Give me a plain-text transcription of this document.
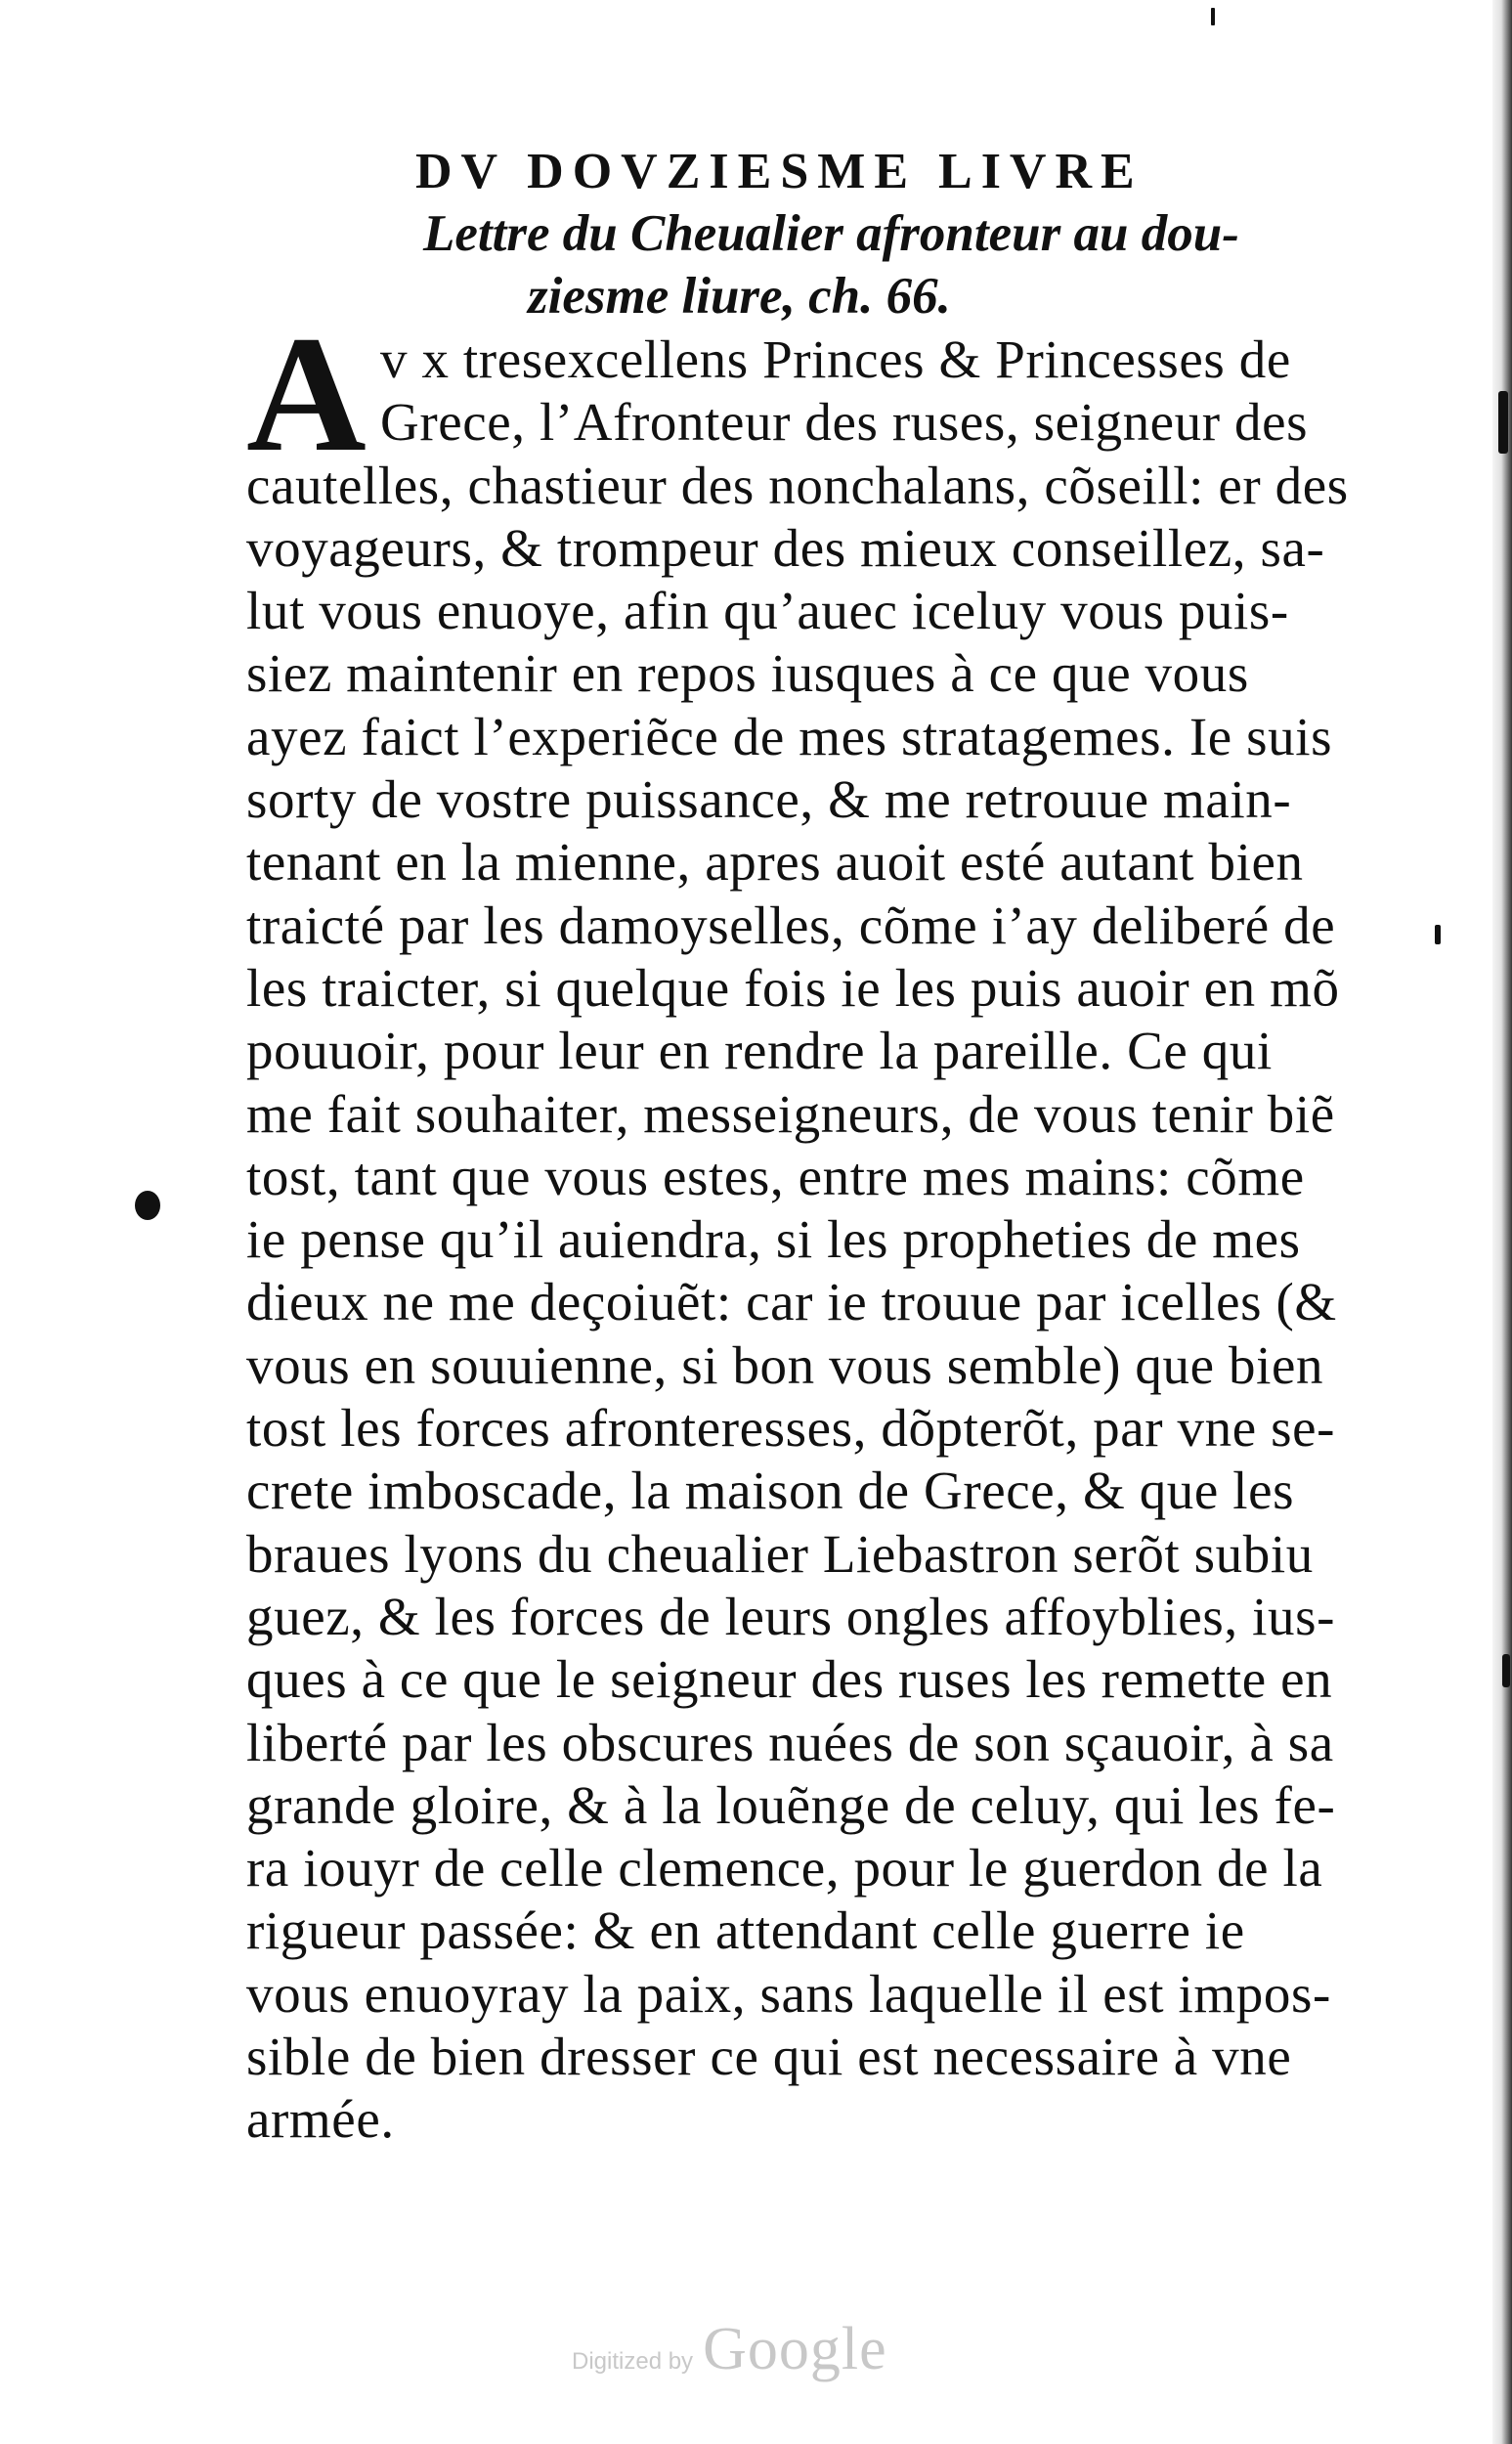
DV DOVZIESME LIVRE
Lettre du Cheualier afronteur au dou-
ziesme liure, ch. 66.
A v x tresexcellens Princes & Princesses de
Grece, l’Afronteur des ruses, seigneur des
cautelles, chastieur des nonchalans, cõseill: er des
voyageurs, & trompeur des mieux conseillez, sa-
lut vous enuoye, afin qu’auec iceluy vous puis-
siez maintenir en repos iusques à ce que vous
ayez faict l’experiẽce de mes stratagemes. Ie suis
sorty de vostre puissance, & me retrouue main-
tenant en la mienne, apres auoit esté autant bien
traicté par les damoyselles, cõme i’ay deliberé de
les traicter, si quelque fois ie les puis auoir en mõ
pouuoir, pour leur en rendre la pareille. Ce qui
me fait souhaiter, messeigneurs, de vous tenir biẽ
tost, tant que vous estes, entre mes mains: cõme
ie pense qu’il auiendra, si les propheties de mes
dieux ne me deçoiuẽt: car ie trouue par icelles (&
vous en souuienne, si bon vous semble) que bien
tost les forces afronteresses, dõpterõt, par vne se-
crete imboscade, la maison de Grece, & que les
braues lyons du cheualier Liebastron serõt subiu
guez, & les forces de leurs ongles affoyblies, ius-
ques à ce que le seigneur des ruses les remette en
liberté par les obscures nuées de son sçauoir, à sa
grande gloire, & à la louẽnge de celuy, qui les fe-
ra iouyr de celle clemence, pour le guerdon de la
rigueur passée: & en attendant celle guerre ie
vous enuoyray la paix, sans laquelle il est impos-
sible de bien dresser ce qui est necessaire à vne
armée.
Digitized by Google
